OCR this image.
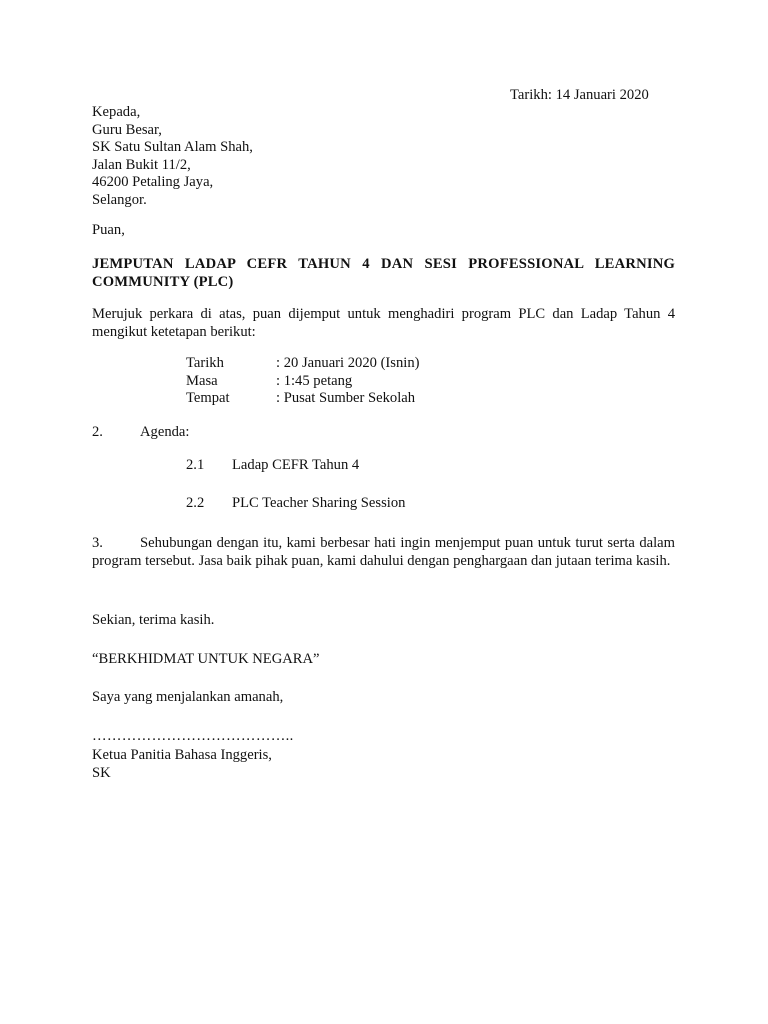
Tarikh: 14 Januari 2020
Kepada,
Guru Besar,
SK Satu Sultan Alam Shah,
Jalan Bukit 11/2,
46200 Petaling Jaya,
Selangor.
Puan,
JEMPUTAN LADAP CEFR TAHUN 4 DAN SESI PROFESSIONAL LEARNING COMMUNITY (PLC)
Merujuk perkara di atas, puan dijemput untuk menghadiri program PLC dan Ladap Tahun 4 mengikut ketetapan berikut:
Tarikh	: 20 Januari 2020 (Isnin)
Masa	: 1:45 petang
Tempat	: Pusat Sumber Sekolah
2.	Agenda:
2.1	Ladap CEFR Tahun 4
2.2	PLC Teacher Sharing Session
3.	Sehubungan dengan itu, kami berbesar hati ingin menjemput puan untuk turut serta dalam program tersebut. Jasa baik pihak puan, kami dahului dengan penghargaan dan jutaan terima kasih.
Sekian, terima kasih.
“BERKHIDMAT UNTUK NEGARA”
Saya yang menjalankan amanah,
…………………………………..
Ketua Panitia Bahasa Inggeris,
SK
